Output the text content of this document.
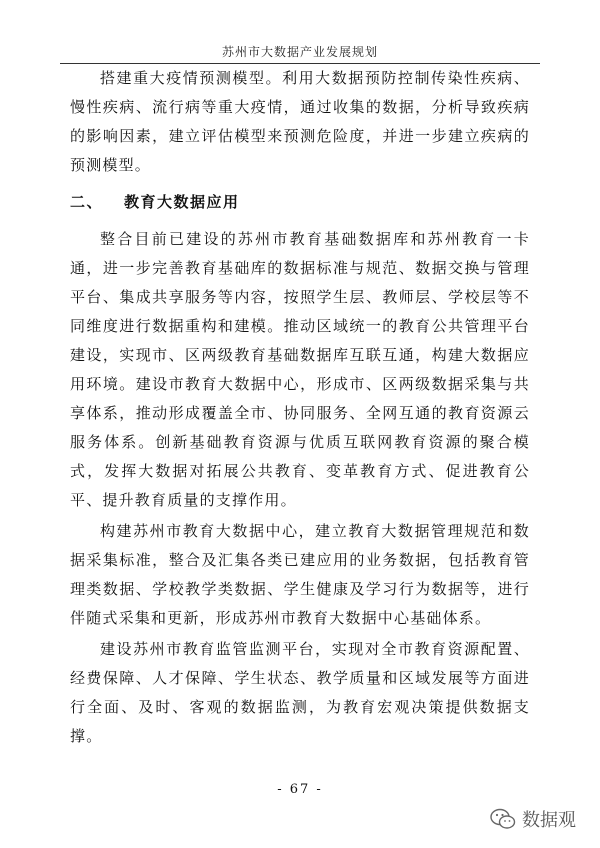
苏州市大数据产业发展规划

搭建重大疫情预测模型。利用大数据预防控制传染性疾病、慢性疾病、流行病等重大疫情，通过收集的数据，分析导致疾病的影响因素，建立评估模型来预测危险度，并进一步建立疾病的预测模型。

二、 教育大数据应用

整合目前已建设的苏州市教育基础数据库和苏州教育一卡通，进一步完善教育基础库的数据标准与规范、数据交换与管理平台、集成共享服务等内容，按照学生层、教师层、学校层等不同维度进行数据重构和建模。推动区域统一的教育公共管理平台建设，实现市、区两级教育基础数据库互联互通，构建大数据应用环境。建设市教育大数据中心，形成市、区两级数据采集与共享体系，推动形成覆盖全市、协同服务、全网互通的教育资源云服务体系。创新基础教育资源与优质互联网教育资源的聚合模式，发挥大数据对拓展公共教育、变革教育方式、促进教育公平、提升教育质量的支撑作用。

构建苏州市教育大数据中心，建立教育大数据管理规范和数据采集标准，整合及汇集各类已建应用的业务数据，包括教育管理类数据、学校教学类数据、学生健康及学习行为数据等，进行伴随式采集和更新，形成苏州市教育大数据中心基础体系。

建设苏州市教育监管监测平台，实现对全市教育资源配置、经费保障、人才保障、学生状态、教学质量和区域发展等方面进行全面、及时、客观的数据监测，为教育宏观决策提供数据支撑。

- 67 -
数据观
